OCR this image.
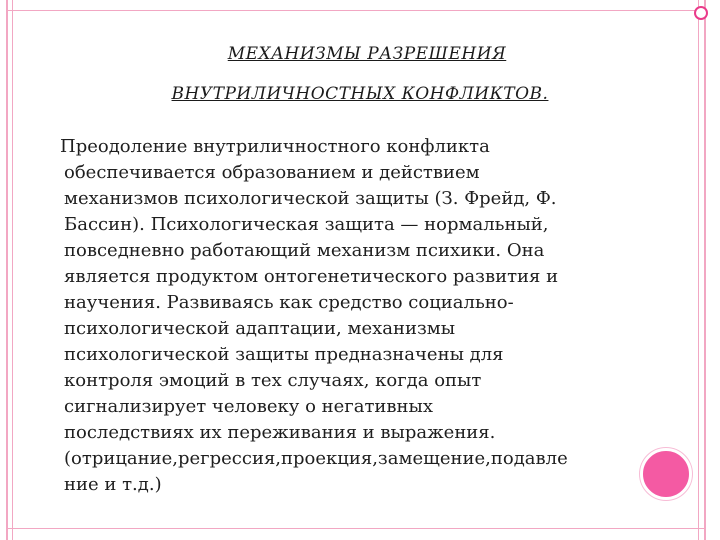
МЕХАНИЗМЫ РАЗРЕШЕНИЯ
ВНУТРИЛИЧНОСТНЫХ КОНФЛИКТОВ.
Преодоление внутриличностного конфликта
обеспечивается образованием и действием
механизмов психологической защиты (З. Фрейд, Ф.
Бассин). Психологическая защита — нормальный,
повседневно работающий механизм психики. Она
является продуктом онтогенетического развития и
научения. Развиваясь как средство социально-
психологической адаптации, механизмы
психологической защиты предназначены для
контроля эмоций в тех случаях, когда опыт
сигнализирует человеку о негативных
последствиях их переживания и выражения.
(отрицание,регрессия,проекция,замещение,подавле
ние и т.д.)
